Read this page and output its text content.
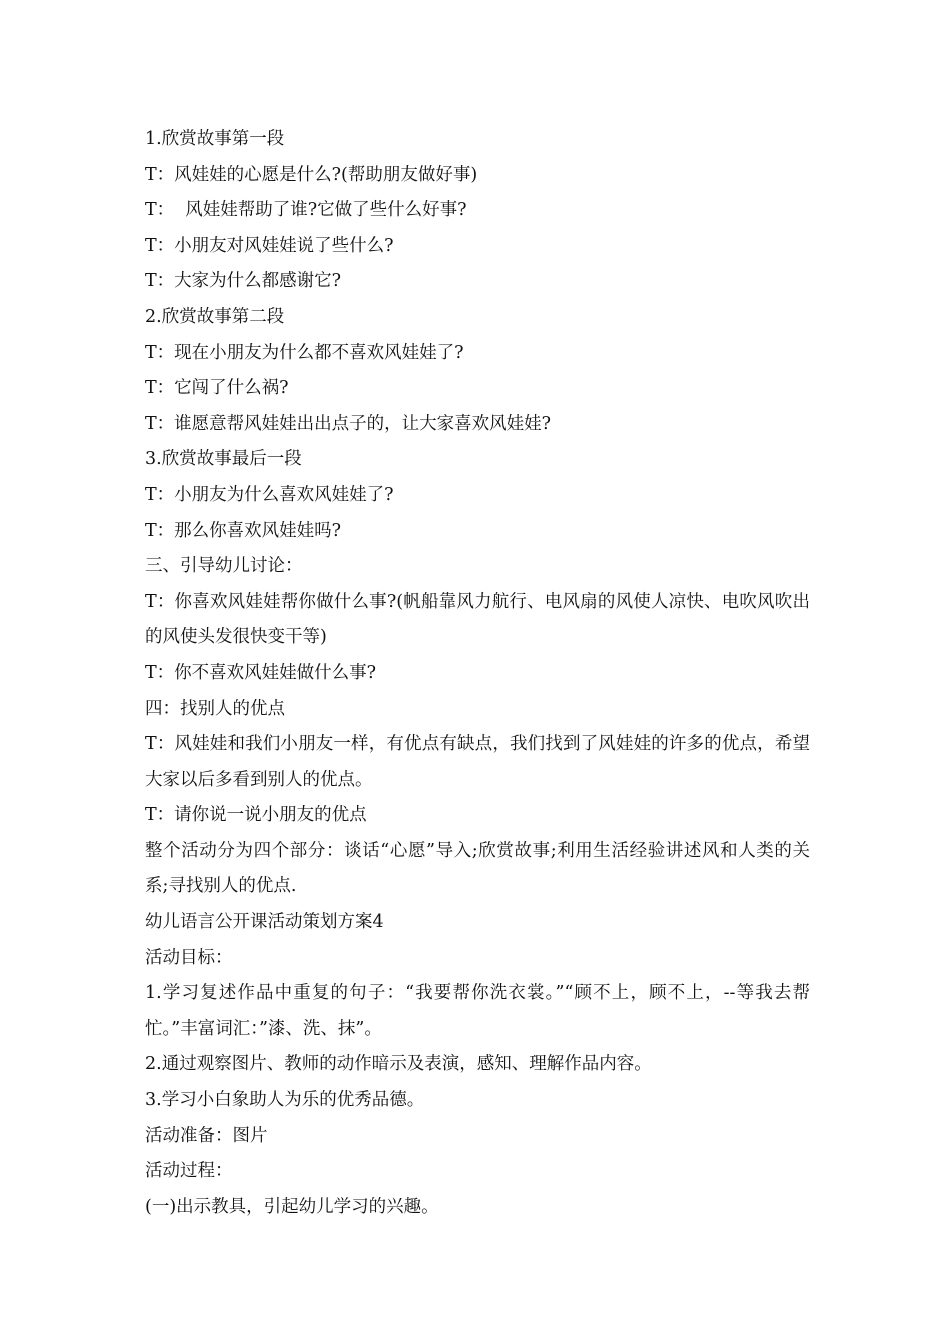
1.欣赏故事第一段
T：风娃娃的心愿是什么?(帮助朋友做好事)
T：  风娃娃帮助了谁?它做了些什么好事?
T：小朋友对风娃娃说了些什么?
T：大家为什么都感谢它?
2.欣赏故事第二段
T：现在小朋友为什么都不喜欢风娃娃了?
T：它闯了什么祸?
T：谁愿意帮风娃娃出出点子的，让大家喜欢风娃娃?
3.欣赏故事最后一段
T：小朋友为什么喜欢风娃娃了?
T：那么你喜欢风娃娃吗?
三、引导幼儿讨论：
T：你喜欢风娃娃帮你做什么事?(帆船靠风力航行、电风扇的风使人凉快、电吹风吹出的风使头发很快变干等)
T：你不喜欢风娃娃做什么事?
四：找别人的优点
T：风娃娃和我们小朋友一样，有优点有缺点，我们找到了风娃娃的许多的优点，希望大家以后多看到别人的优点。
T：请你说一说小朋友的优点
整个活动分为四个部分：谈话“心愿”导入;欣赏故事;利用生活经验讲述风和人类的关系;寻找别人的优点.
幼儿语言公开课活动策划方案4
活动目标：
1.学习复述作品中重复的句子：“我要帮你洗衣裳。”“顾不上，顾不上，--等我去帮忙。”丰富词汇：”漆、洗、抹”。
2.通过观察图片、教师的动作暗示及表演，感知、理解作品内容。
3.学习小白象助人为乐的优秀品德。
活动准备：图片
活动过程：
(一)出示教具，引起幼儿学习的兴趣。
